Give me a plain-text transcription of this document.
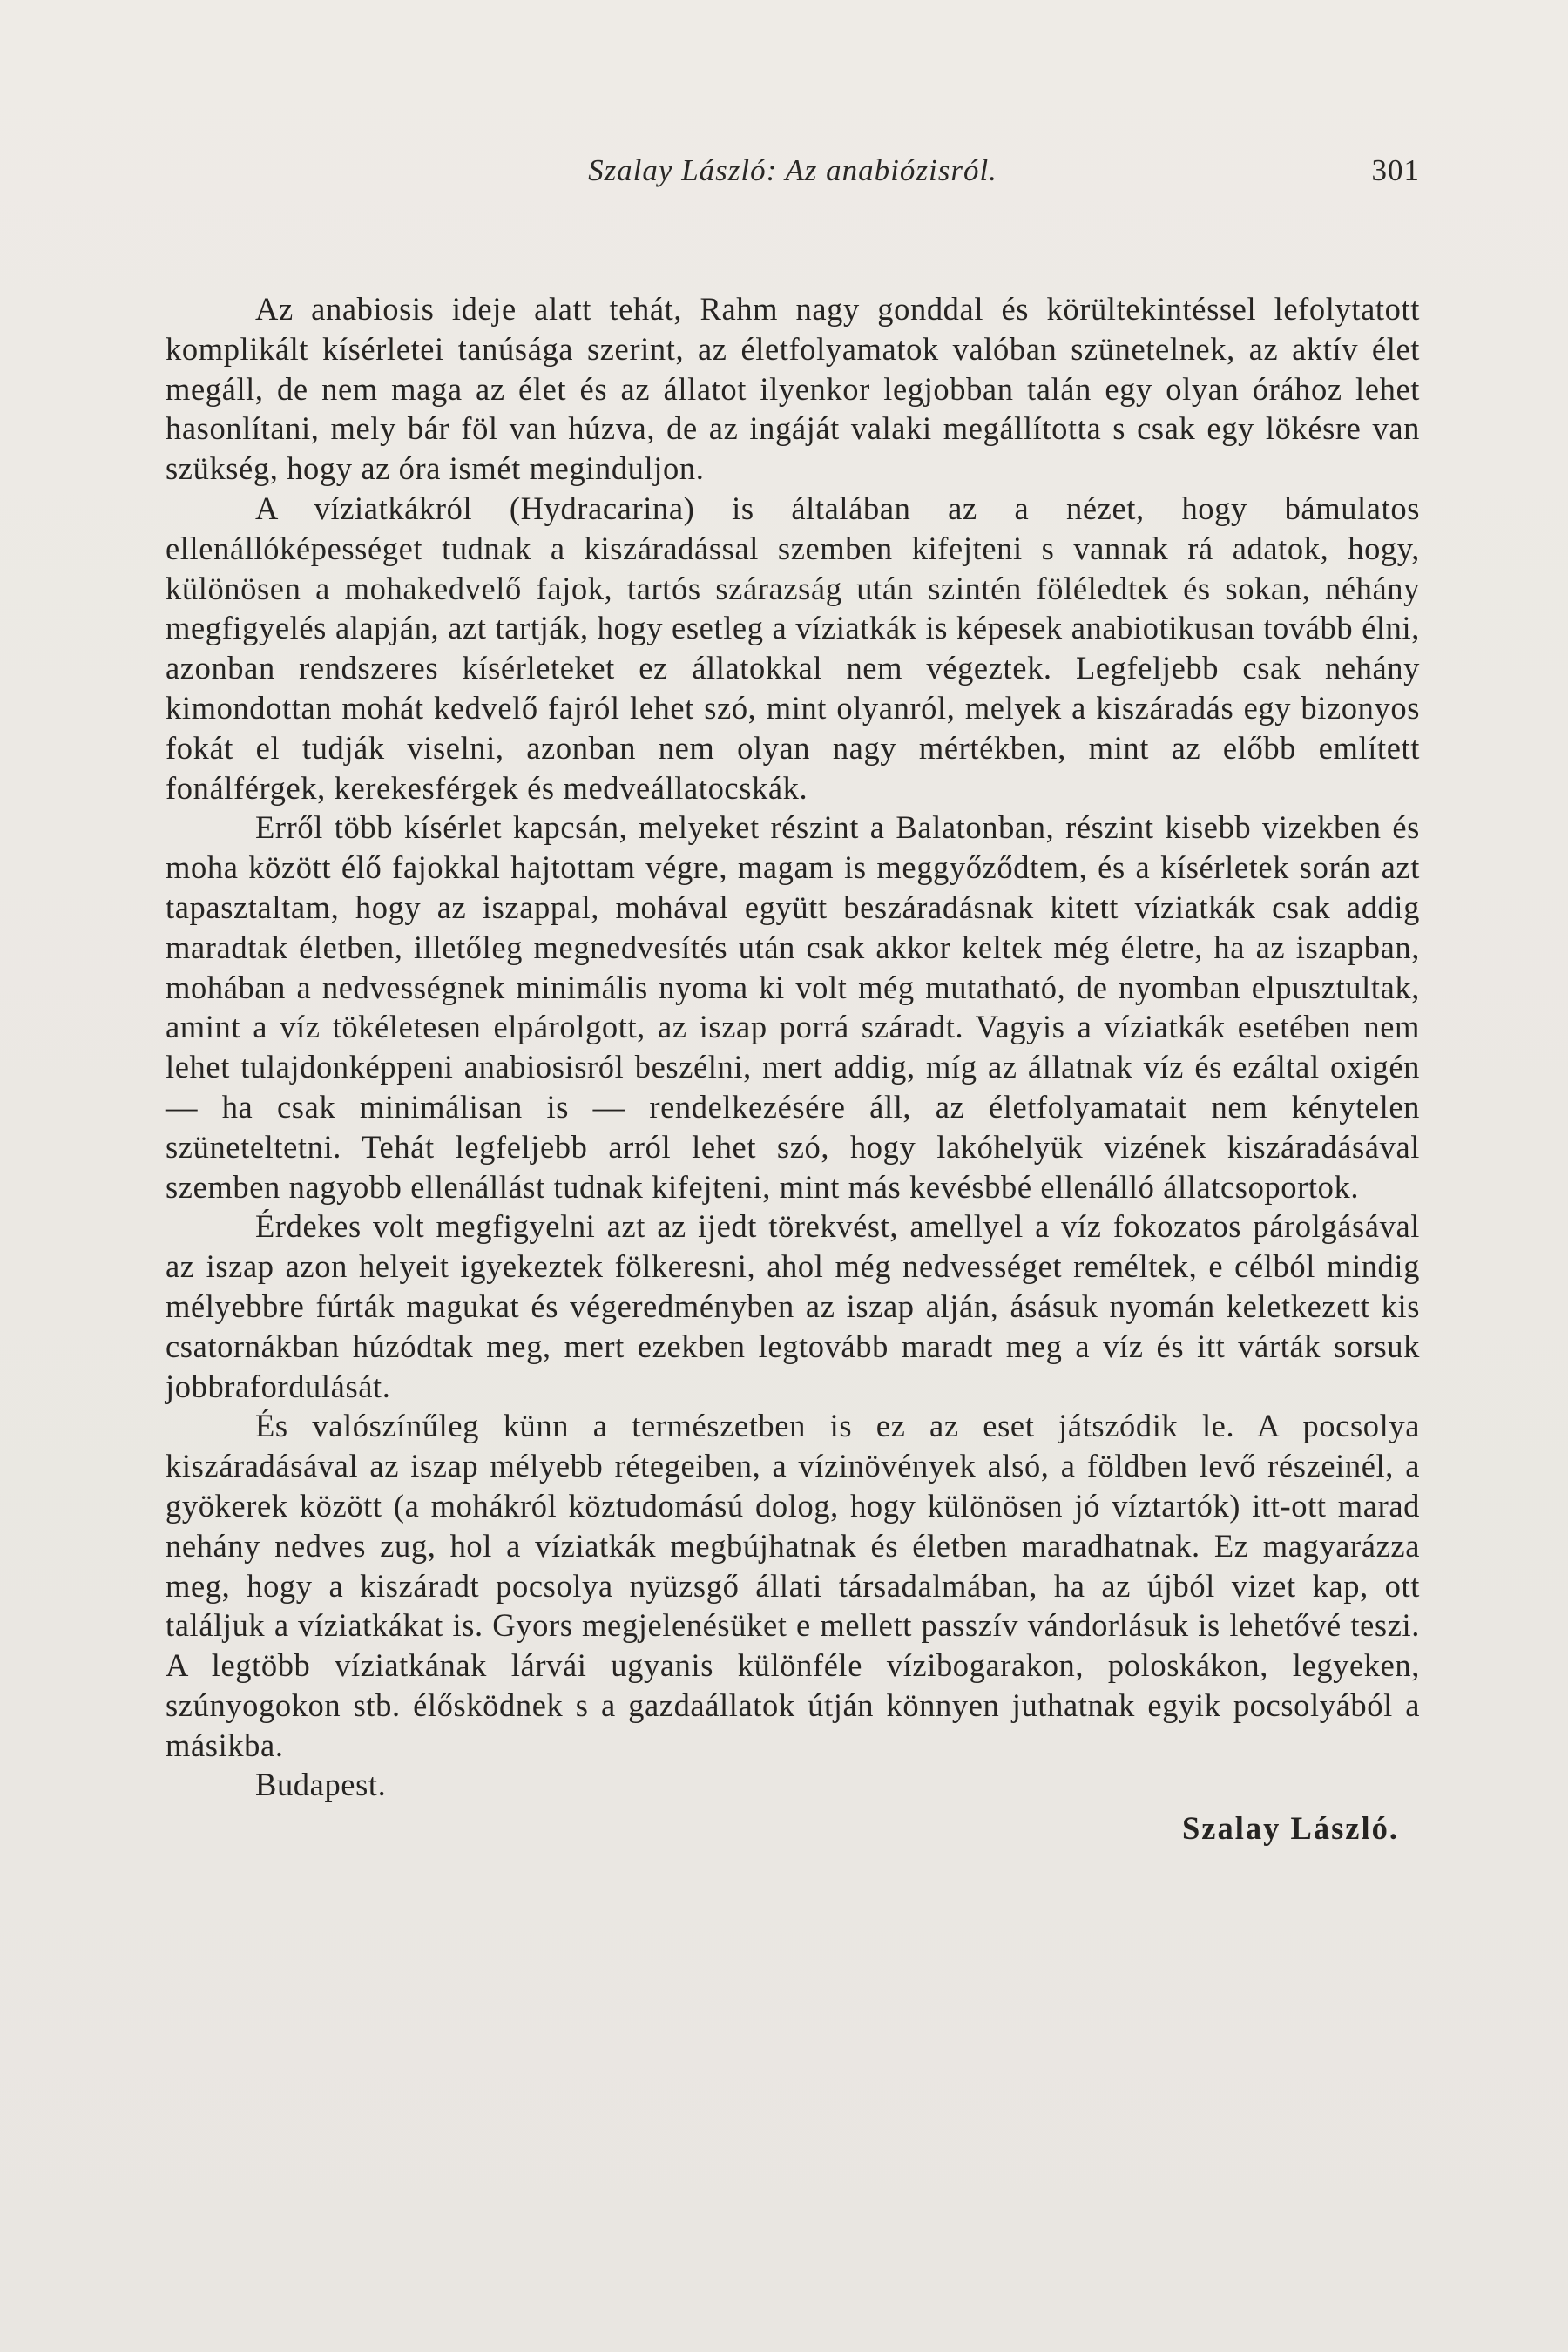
Szalay László: Az anabiózisról.	301

Az anabiosis ideje alatt tehát, Rahm nagy gonddal és körültekintéssel lefolytatott komplikált kísérletei tanúsága szerint, az életfolyamatok valóban szünetelnek, az aktív élet megáll, de nem maga az élet és az állatot ilyenkor legjobban talán egy olyan órához lehet hasonlítani, mely bár föl van húzva, de az ingáját valaki megállította s csak egy lökésre van szükség, hogy az óra ismét meginduljon.

A víziatkákról (Hydracarina) is általában az a nézet, hogy bámulatos ellenállóképességet tudnak a kiszáradással szemben kifejteni s vannak rá adatok, hogy, különösen a mohakedvelő fajok, tartós szárazság után szintén föléledtek és sokan, néhány megfigyelés alapján, azt tartják, hogy esetleg a víziatkák is képesek anabiotikusan tovább élni, azonban rendszeres kísérleteket ez állatokkal nem végeztek. Legfeljebb csak nehány kimondottan mohát kedvelő fajról lehet szó, mint olyanról, melyek a kiszáradás egy bizonyos fokát el tudják viselni, azonban nem olyan nagy mértékben, mint az előbb említett fonálférgek, kerekesférgek és medveállatocskák.

Erről több kísérlet kapcsán, melyeket részint a Balatonban, részint kisebb vizekben és moha között élő fajokkal hajtottam végre, magam is meggyőződtem, és a kísérletek során azt tapasztaltam, hogy az iszappal, mohával együtt beszáradásnak kitett víziatkák csak addig maradtak életben, illetőleg megnedvesítés után csak akkor keltek még életre, ha az iszapban, mohában a nedvességnek minimális nyoma ki volt még mutatható, de nyomban elpusztultak, amint a víz tökéletesen elpárolgott, az iszap porrá száradt. Vagyis a víziatkák esetében nem lehet tulajdonképpeni anabiosisról beszélni, mert addig, míg az állatnak víz és ezáltal oxigén — ha csak minimálisan is — rendelkezésére áll, az életfolyamatait nem kénytelen szüneteltetni. Tehát legfeljebb arról lehet szó, hogy lakóhelyük vizének kiszáradásával szemben nagyobb ellenállást tudnak kifejteni, mint más kevésbbé ellenálló állatcsoportok.

Érdekes volt megfigyelni azt az ijedt törekvést, amellyel a víz fokozatos párolgásával az iszap azon helyeit igyekeztek fölkeresni, ahol még nedvességet reméltek, e célból mindig mélyebbre fúrták magukat és végeredményben az iszap alján, ásásuk nyomán keletkezett kis csatornákban húzódtak meg, mert ezekben legtovább maradt meg a víz és itt várták sorsuk jobbrafordulását.

És valószínűleg künn a természetben is ez az eset játszódik le. A pocsolya kiszáradásával az iszap mélyebb rétegeiben, a vízinövények alsó, a földben levő részeinél, a gyökerek között (a mohákról köztudomású dolog, hogy különösen jó víztartók) itt-ott marad nehány nedves zug, hol a víziatkák megbújhatnak és életben maradhatnak. Ez magyarázza meg, hogy a kiszáradt pocsolya nyüzsgő állati társadalmában, ha az újból vizet kap, ott találjuk a víziatkákat is. Gyors megjelenésüket e mellett passzív vándorlásuk is lehetővé teszi. A legtöbb víziatkának lárvái ugyanis különféle vízibogarakon, poloskákon, legyeken, szúnyogokon stb. élősködnek s a gazdaállatok útján könnyen juthatnak egyik pocsolyából a másikba.

Budapest.
Szalay László.
